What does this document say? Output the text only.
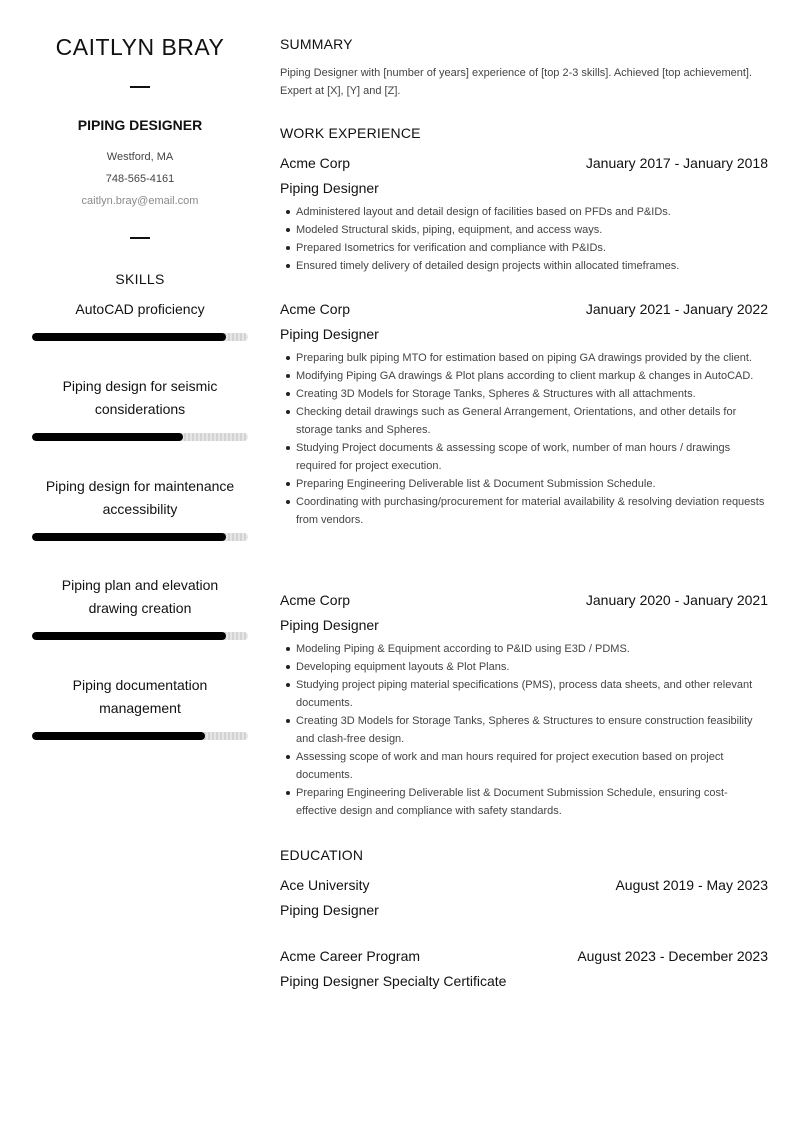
CAITLYN BRAY
PIPING DESIGNER
Westford, MA
748-565-4161
caitlyn.bray@email.com
SKILLS
AutoCAD proficiency
Piping design for seismic considerations
Piping design for maintenance accessibility
Piping plan and elevation drawing creation
Piping documentation management
SUMMARY
Piping Designer with [number of years] experience of [top 2-3 skills]. Achieved [top achievement]. Expert at [X], [Y] and [Z].
WORK EXPERIENCE
Acme Corp	January 2017 - January 2018
Piping Designer
Administered layout and detail design of facilities based on PFDs and P&IDs.
Modeled Structural skids, piping, equipment, and access ways.
Prepared Isometrics for verification and compliance with P&IDs.
Ensured timely delivery of detailed design projects within allocated timeframes.
Acme Corp	January 2021 - January 2022
Piping Designer
Preparing bulk piping MTO for estimation based on piping GA drawings provided by the client.
Modifying Piping GA drawings & Plot plans according to client markup & changes in AutoCAD.
Creating 3D Models for Storage Tanks, Spheres & Structures with all attachments.
Checking detail drawings such as General Arrangement, Orientations, and other details for storage tanks and Spheres.
Studying Project documents & assessing scope of work, number of man hours / drawings required for project execution.
Preparing Engineering Deliverable list & Document Submission Schedule.
Coordinating with purchasing/procurement for material availability & resolving deviation requests from vendors.
Acme Corp	January 2020 - January 2021
Piping Designer
Modeling Piping & Equipment according to P&ID using E3D / PDMS.
Developing equipment layouts & Plot Plans.
Studying project piping material specifications (PMS), process data sheets, and other relevant documents.
Creating 3D Models for Storage Tanks, Spheres & Structures to ensure construction feasibility and clash-free design.
Assessing scope of work and man hours required for project execution based on project documents.
Preparing Engineering Deliverable list & Document Submission Schedule, ensuring cost-effective design and compliance with safety standards.
EDUCATION
Ace University	August 2019 - May 2023
Piping Designer
Acme Career Program	August 2023 - December 2023
Piping Designer Specialty Certificate
